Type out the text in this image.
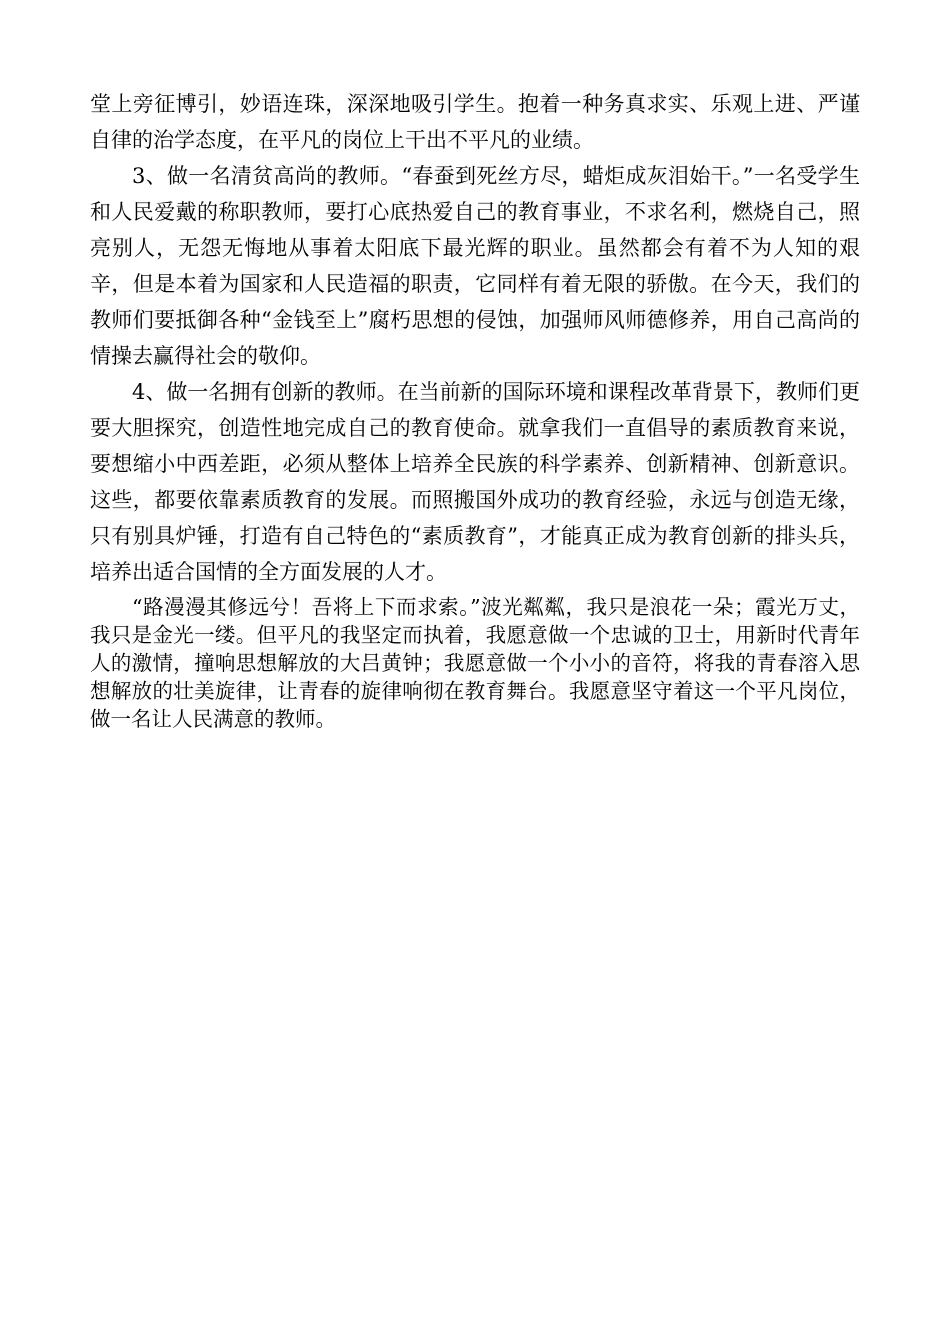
堂上旁征博引，妙语连珠，深深地吸引学生。抱着一种务真求实、乐观上进、严谨自律的治学态度，在平凡的岗位上干出不平凡的业绩。

3、做一名清贫高尚的教师。“春蚕到死丝方尽，蜡炬成灰泪始干。”一名受学生和人民爱戴的称职教师，要打心底热爱自己的教育事业，不求名利，燃烧自己，照亮别人，无怨无悔地从事着太阳底下最光辉的职业。虽然都会有着不为人知的艰辛，但是本着为国家和人民造福的职责，它同样有着无限的骄傲。在今天，我们的教师们要抵御各种“金钱至上”腐朽思想的侵蚀，加强师风师德修养，用自己高尚的情操去赢得社会的敬仰。

4、做一名拥有创新的教师。在当前新的国际环境和课程改革背景下，教师们更要大胆探究，创造性地完成自己的教育使命。就拿我们一直倡导的素质教育来说，要想缩小中西差距，必须从整体上培养全民族的科学素养、创新精神、创新意识。这些，都要依靠素质教育的发展。而照搬国外成功的教育经验，永远与创造无缘，只有别具炉锤，打造有自己特色的“素质教育”，才能真正成为教育创新的排头兵，培养出适合国情的全方面发展的人才。

“路漫漫其修远兮！吾将上下而求索。”波光粼粼，我只是浪花一朵；霞光万丈，我只是金光一缕。但平凡的我坚定而执着，我愿意做一个忠诚的卫士，用新时代青年人的激情，撞响思想解放的大吕黄钟；我愿意做一个小小的音符，将我的青春溶入思想解放的壮美旋律，让青春的旋律响彻在教育舞台。我愿意坚守着这一个平凡岗位，做一名让人民满意的教师。
